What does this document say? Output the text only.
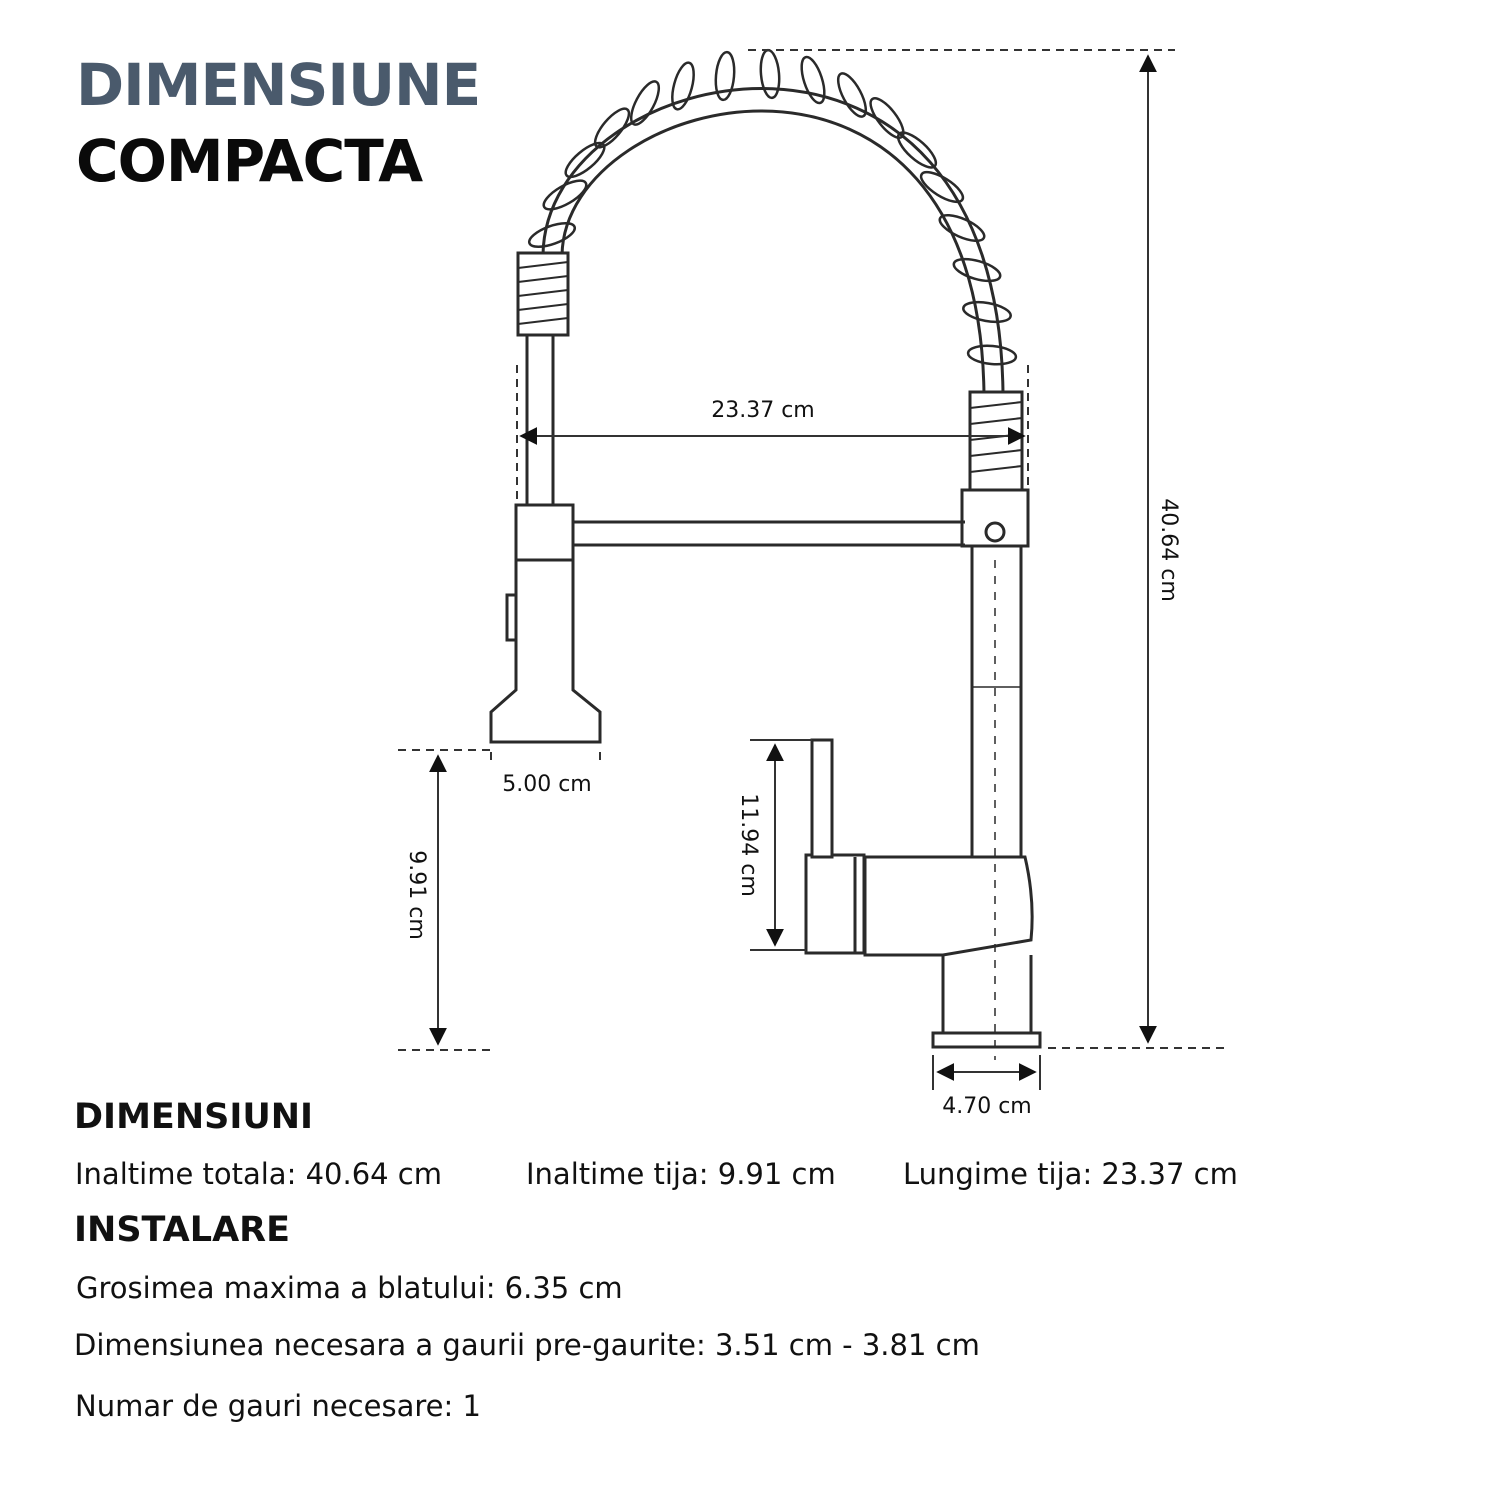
DIMENSIUNE
COMPACTA
23.37 cm
5.00 cm
4.70 cm
40.64 cm
9.91 cm	11.94 cm
DIMENSIUNI
Inaltime totala: 40.64 cm	Inaltime tija: 9.91 cm Lungime tija: 23.37 cm
INSTALARE
Grosimea maxima a blatului: 6.35 cm
Dimensiunea necesara a gaurii pre-gaurite: 3.51 cm - 3.81 cm
Numar de gauri necesare: 1
